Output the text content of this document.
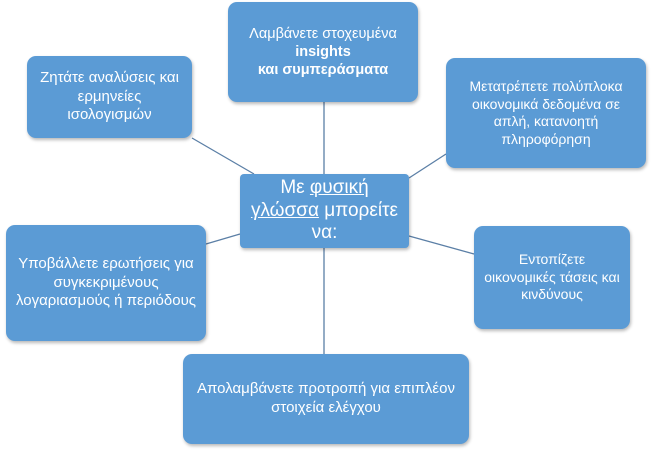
Λαμβάνετε στοχευμένα insights
και συμπεράσματα
Ζητάτε αναλύσεις και ερμηνείες ισολογισμών
Μετατρέπετε πολύπλοκα οικονομικά δεδομένα σε απλή, κατανοητή πληροφόρηση
Με φυσική γλώσσα μπορείτε να:
Υποβάλλετε ερωτήσεις για συγκεκριμένους λογαριασμούς ή περιόδους
Εντοπίζετε οικονομικές τάσεις και κινδύνους
Απολαμβάνετε προτροπή για επιπλέον στοιχεία ελέγχου
